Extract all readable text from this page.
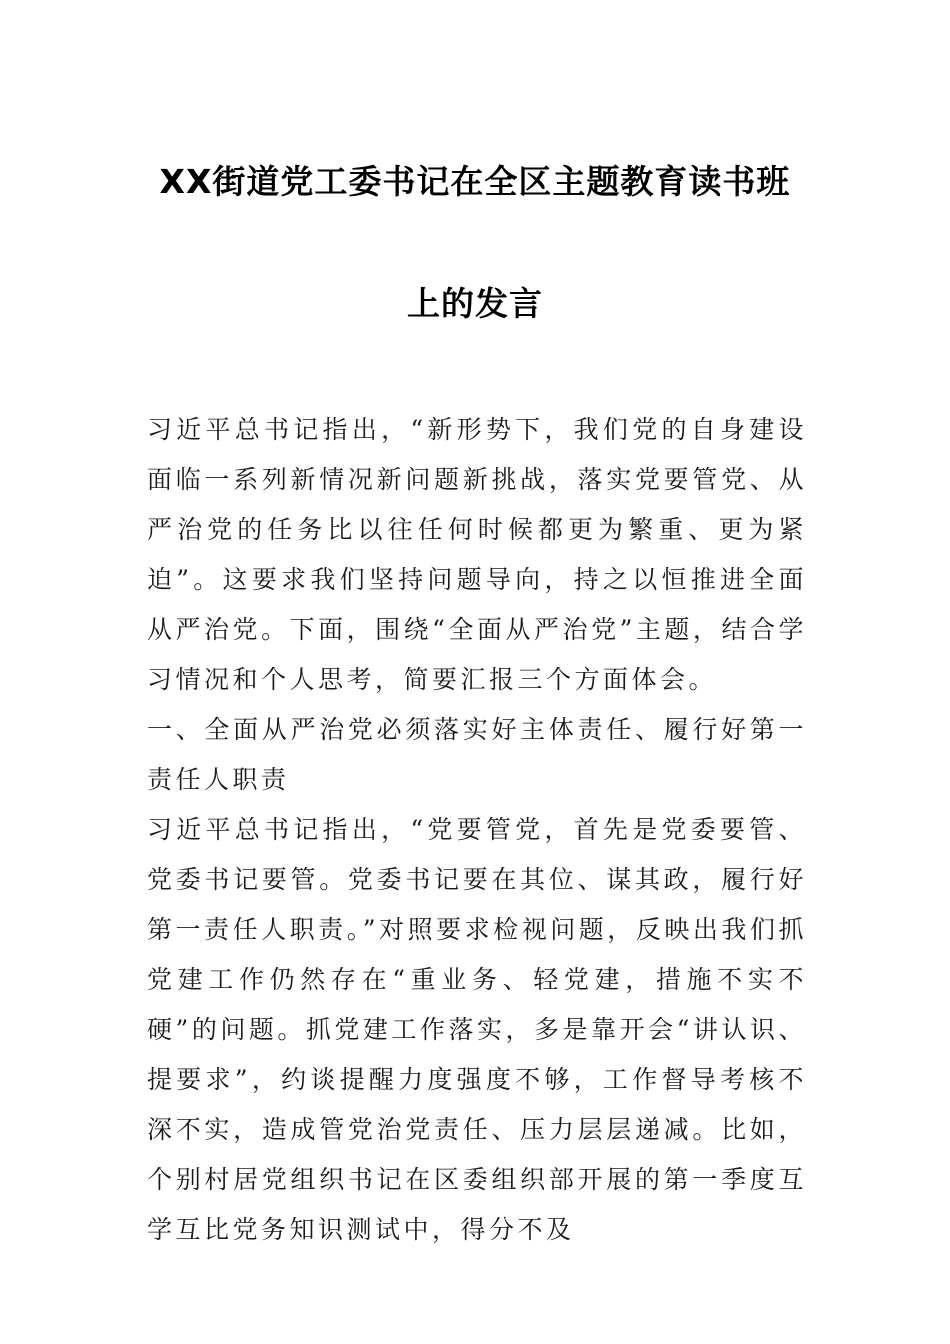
XX街道党工委书记在全区主题教育读书班
上的发言

习近平总书记指出，“新形势下，我们党的自身建设面临一系列新情况新问题新挑战，落实党要管党、从严治党的任务比以往任何时候都更为繁重、更为紧迫”。这要求我们坚持问题导向，持之以恒推进全面从严治党。下面，围绕“全面从严治党”主题，结合学习情况和个人思考，简要汇报三个方面体会。

一、全面从严治党必须落实好主体责任、履行好第一责任人职责

习近平总书记指出，“党要管党，首先是党委要管、党委书记要管。党委书记要在其位、谋其政，履行好第一责任人职责。”对照要求检视问题，反映出我们抓党建工作仍然存在“重业务、轻党建，措施不实不硬”的问题。抓党建工作落实，多是靠开会“讲认识、提要求”，约谈提醒力度强度不够，工作督导考核不深不实，造成管党治党责任、压力层层递减。比如，个别村居党组织书记在区委组织部开展的第一季度互学互比党务知识测试中，得分不及
